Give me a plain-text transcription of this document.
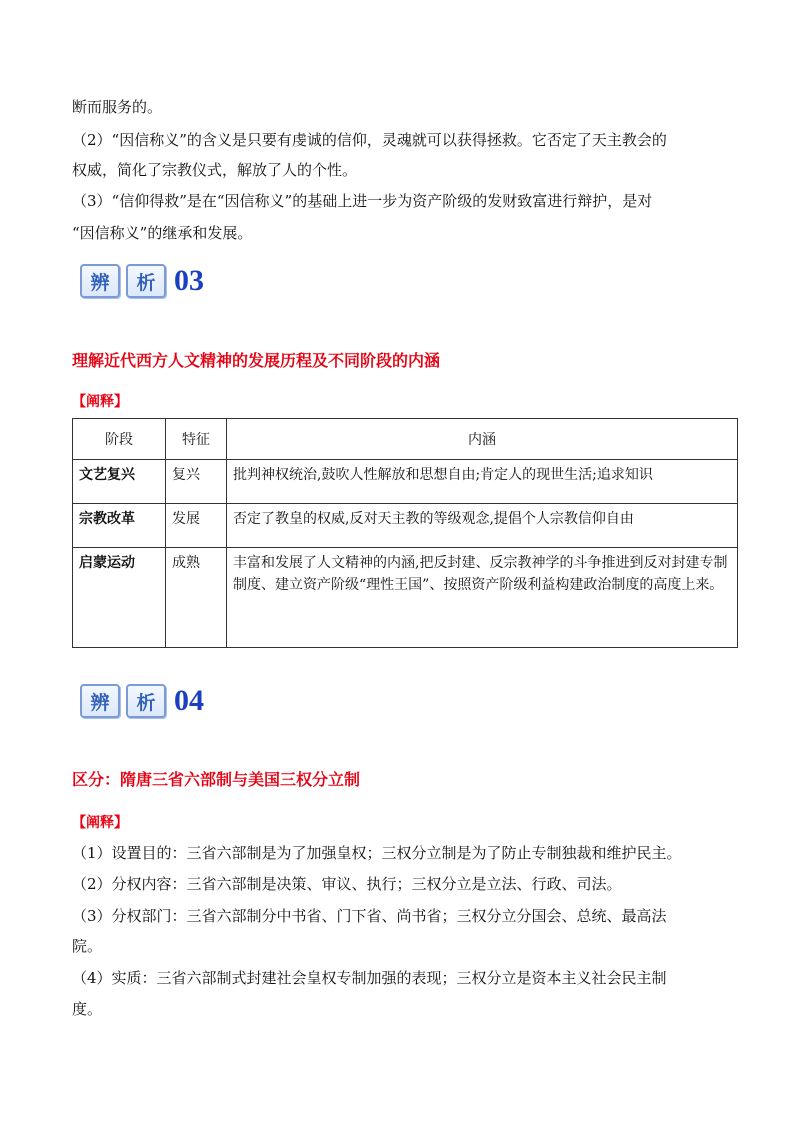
断而服务的。

（2）“因信称义”的含义是只要有虔诚的信仰，灵魂就可以获得拯救。它否定了天主教会的

权威，简化了宗教仪式，解放了人的个性。

（3）“信仰得救”是在“因信称义”的基础上进一步为资产阶级的发财致富进行辩护，是对

“因信称义”的继承和发展。

辨	析 03
理解近代西方人文精神的发展历程及不同阶段的内涵

【阐释】

阶段	特征	内涵
文艺复兴	复兴	批判神权统治,鼓吹人性解放和思想自由;肯定人的现世生活;追求知识
宗教改革	发展	否定了教皇的权威,反对天主教的等级观念,提倡个人宗教信仰自由
启蒙运动	成熟	丰富和发展了人文精神的内涵,把反封建、反宗教神学的斗争推进到反对封建专制制度、建立资产阶级“理性王国”、按照资产阶级利益构建政治制度的高度上来。
辨	析 04
区分：隋唐三省六部制与美国三权分立制

【阐释】

（1）设置目的：三省六部制是为了加强皇权；三权分立制是为了防止专制独裁和维护民主。

（2）分权内容：三省六部制是决策、审议、执行；三权分立是立法、行政、司法。

（3）分权部门：三省六部制分中书省、门下省、尚书省；三权分立分国会、总统、最高法

院。

（4）实质：三省六部制式封建社会皇权专制加强的表现；三权分立是资本主义社会民主制

度。
